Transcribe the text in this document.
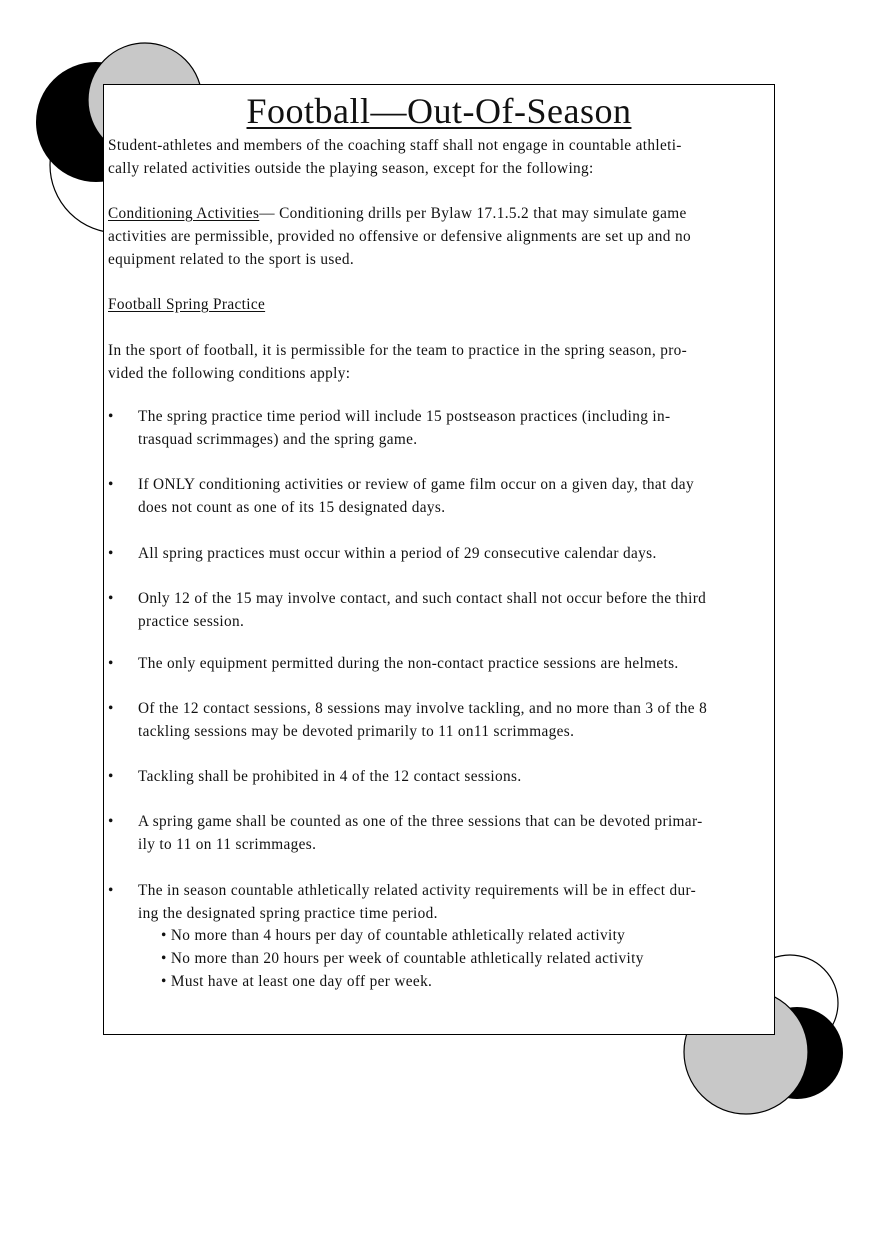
Football—Out-Of-Season

Student-athletes and members of the coaching staff shall not engage in countable athleti-

cally related activities outside the playing season, except for the following:

Conditioning Activities— Conditioning drills per Bylaw 17.1.5.2 that may simulate game

activities are permissible, provided no offensive or defensive alignments are set up and no

equipment related to the sport is used.

Football Spring Practice

In the sport of football, it is permissible for the team to practice in the spring season, pro-

vided the following conditions apply:

• The spring practice time period will include 15 postseason practices (including in-

trasquad scrimmages) and the spring game.

• If ONLY conditioning activities or review of game film occur on a given day, that day

does not count as one of its 15 designated days.

• All spring practices must occur within a period of 29 consecutive calendar days.

• Only 12 of the 15 may involve contact, and such contact shall not occur before the third

practice session.

• The only equipment permitted during the non-contact practice sessions are helmets.

• Of the 12 contact sessions, 8 sessions may involve tackling, and no more than 3 of the 8

tackling sessions may be devoted primarily to 11 on11 scrimmages.

• Tackling shall be prohibited in 4 of the 12 contact sessions.

• A spring game shall be counted as one of the three sessions that can be devoted primar-

ily to 11 on 11 scrimmages.

• The in season countable athletically related activity requirements will be in effect dur-

ing the designated spring practice time period.

• No more than 4 hours per day of countable athletically related activity
• No more than 20 hours per week of countable athletically related activity
• Must have at least one day off per week.
